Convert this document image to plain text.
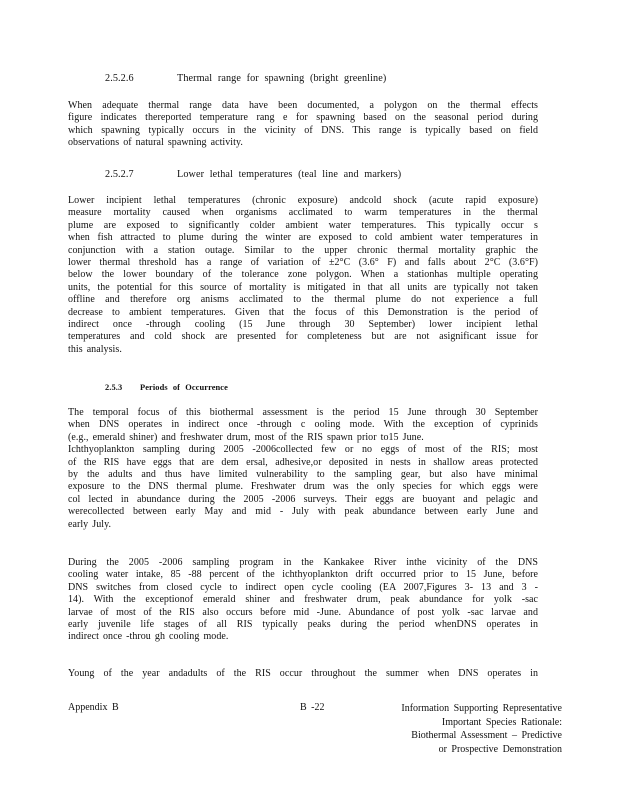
2.5.2.6	Thermal range for spawning (bright greenline)
When adequate thermal range data have been documented, a polygon on the thermal effects
figure indicates thereported temperature rang e for spawning based on the seasonal period during
which spawning typically occurs in the vicinity of DNS. This range is typically based on field
observations of natural spawning activity.
2.5.2.7	Lower lethal temperatures (teal line and markers)
Lower incipient lethal temperatures (chronic exposure) andcold shock (acute rapid exposure)
measure mortality caused when organisms acclimated to warm temperatures in the thermal
plume are exposed to significantly colder ambient water temperatures. This typically occur s
when fish attracted to plume during the winter are exposed to cold ambient water temperatures in
conjunction with a station outage. Similar to the upper chronic thermal mortality graphic the
lower thermal threshold has a range of variation of ±2°C (3.6° F) and falls about 2°C (3.6°F)
below the lower boundary of the tolerance zone polygon. When a stationhas multiple operating
units, the potential for this source of mortality is mitigated in that all units are typically not taken
offline and therefore org anisms acclimated to the thermal plume do not experience a full
decrease to ambient temperatures. Given that the focus of this Demonstration is the period of
indirect once -through cooling (15 June through 30 September) lower incipient lethal
temperatures and cold shock are presented for completeness but are not asignificant issue for
this analysis.
2.5.3 Periods of Occurrence
The temporal focus of this biothermal assessment is the period 15 June through 30 September
when DNS operates in indirect once -through c ooling mode. With the exception of cyprinids
(e.g., emerald shiner) and freshwater drum, most of the RIS spawn prior to15 June.
Ichthyoplankton sampling during 2005 -2006collected few or no eggs of most of the RIS; most
of the RIS have eggs that are dem ersal, adhesive,or deposited in nests in shallow areas protected
by the adults and thus have limited vulnerability to the sampling gear, but also have minimal
exposure to the DNS thermal plume. Freshwater drum was the only species for which eggs were
col lected in abundance during the 2005 -2006 surveys. Their eggs are buoyant and pelagic and
werecollected between early May and mid - July with peak abundance between early June and
early July.
During the 2005 -2006 sampling program in the Kankakee River inthe vicinity of the DNS
cooling water intake, 85 -88 percent of the ichthyoplankton drift occurred prior to 15 June, before
DNS switches from closed cycle to indirect open cycle cooling (EA 2007,Figures 3- 13 and 3 -
14). With the exceptionof emerald shiner and freshwater drum, peak abundance for yolk -sac
larvae of most of the RIS also occurs before mid -June. Abundance of post yolk -sac larvae and
early juvenile life stages of all RIS typically peaks during the period whenDNS operates in
indirect once -throu gh cooling mode.
Young of the year andadults of the RIS occur throughout the summer when DNS operates in
Appendix B	B -22	Information Supporting Representative
Important Species Rationale:
Biothermal Assessment – Predictive
or Prospective Demonstration
